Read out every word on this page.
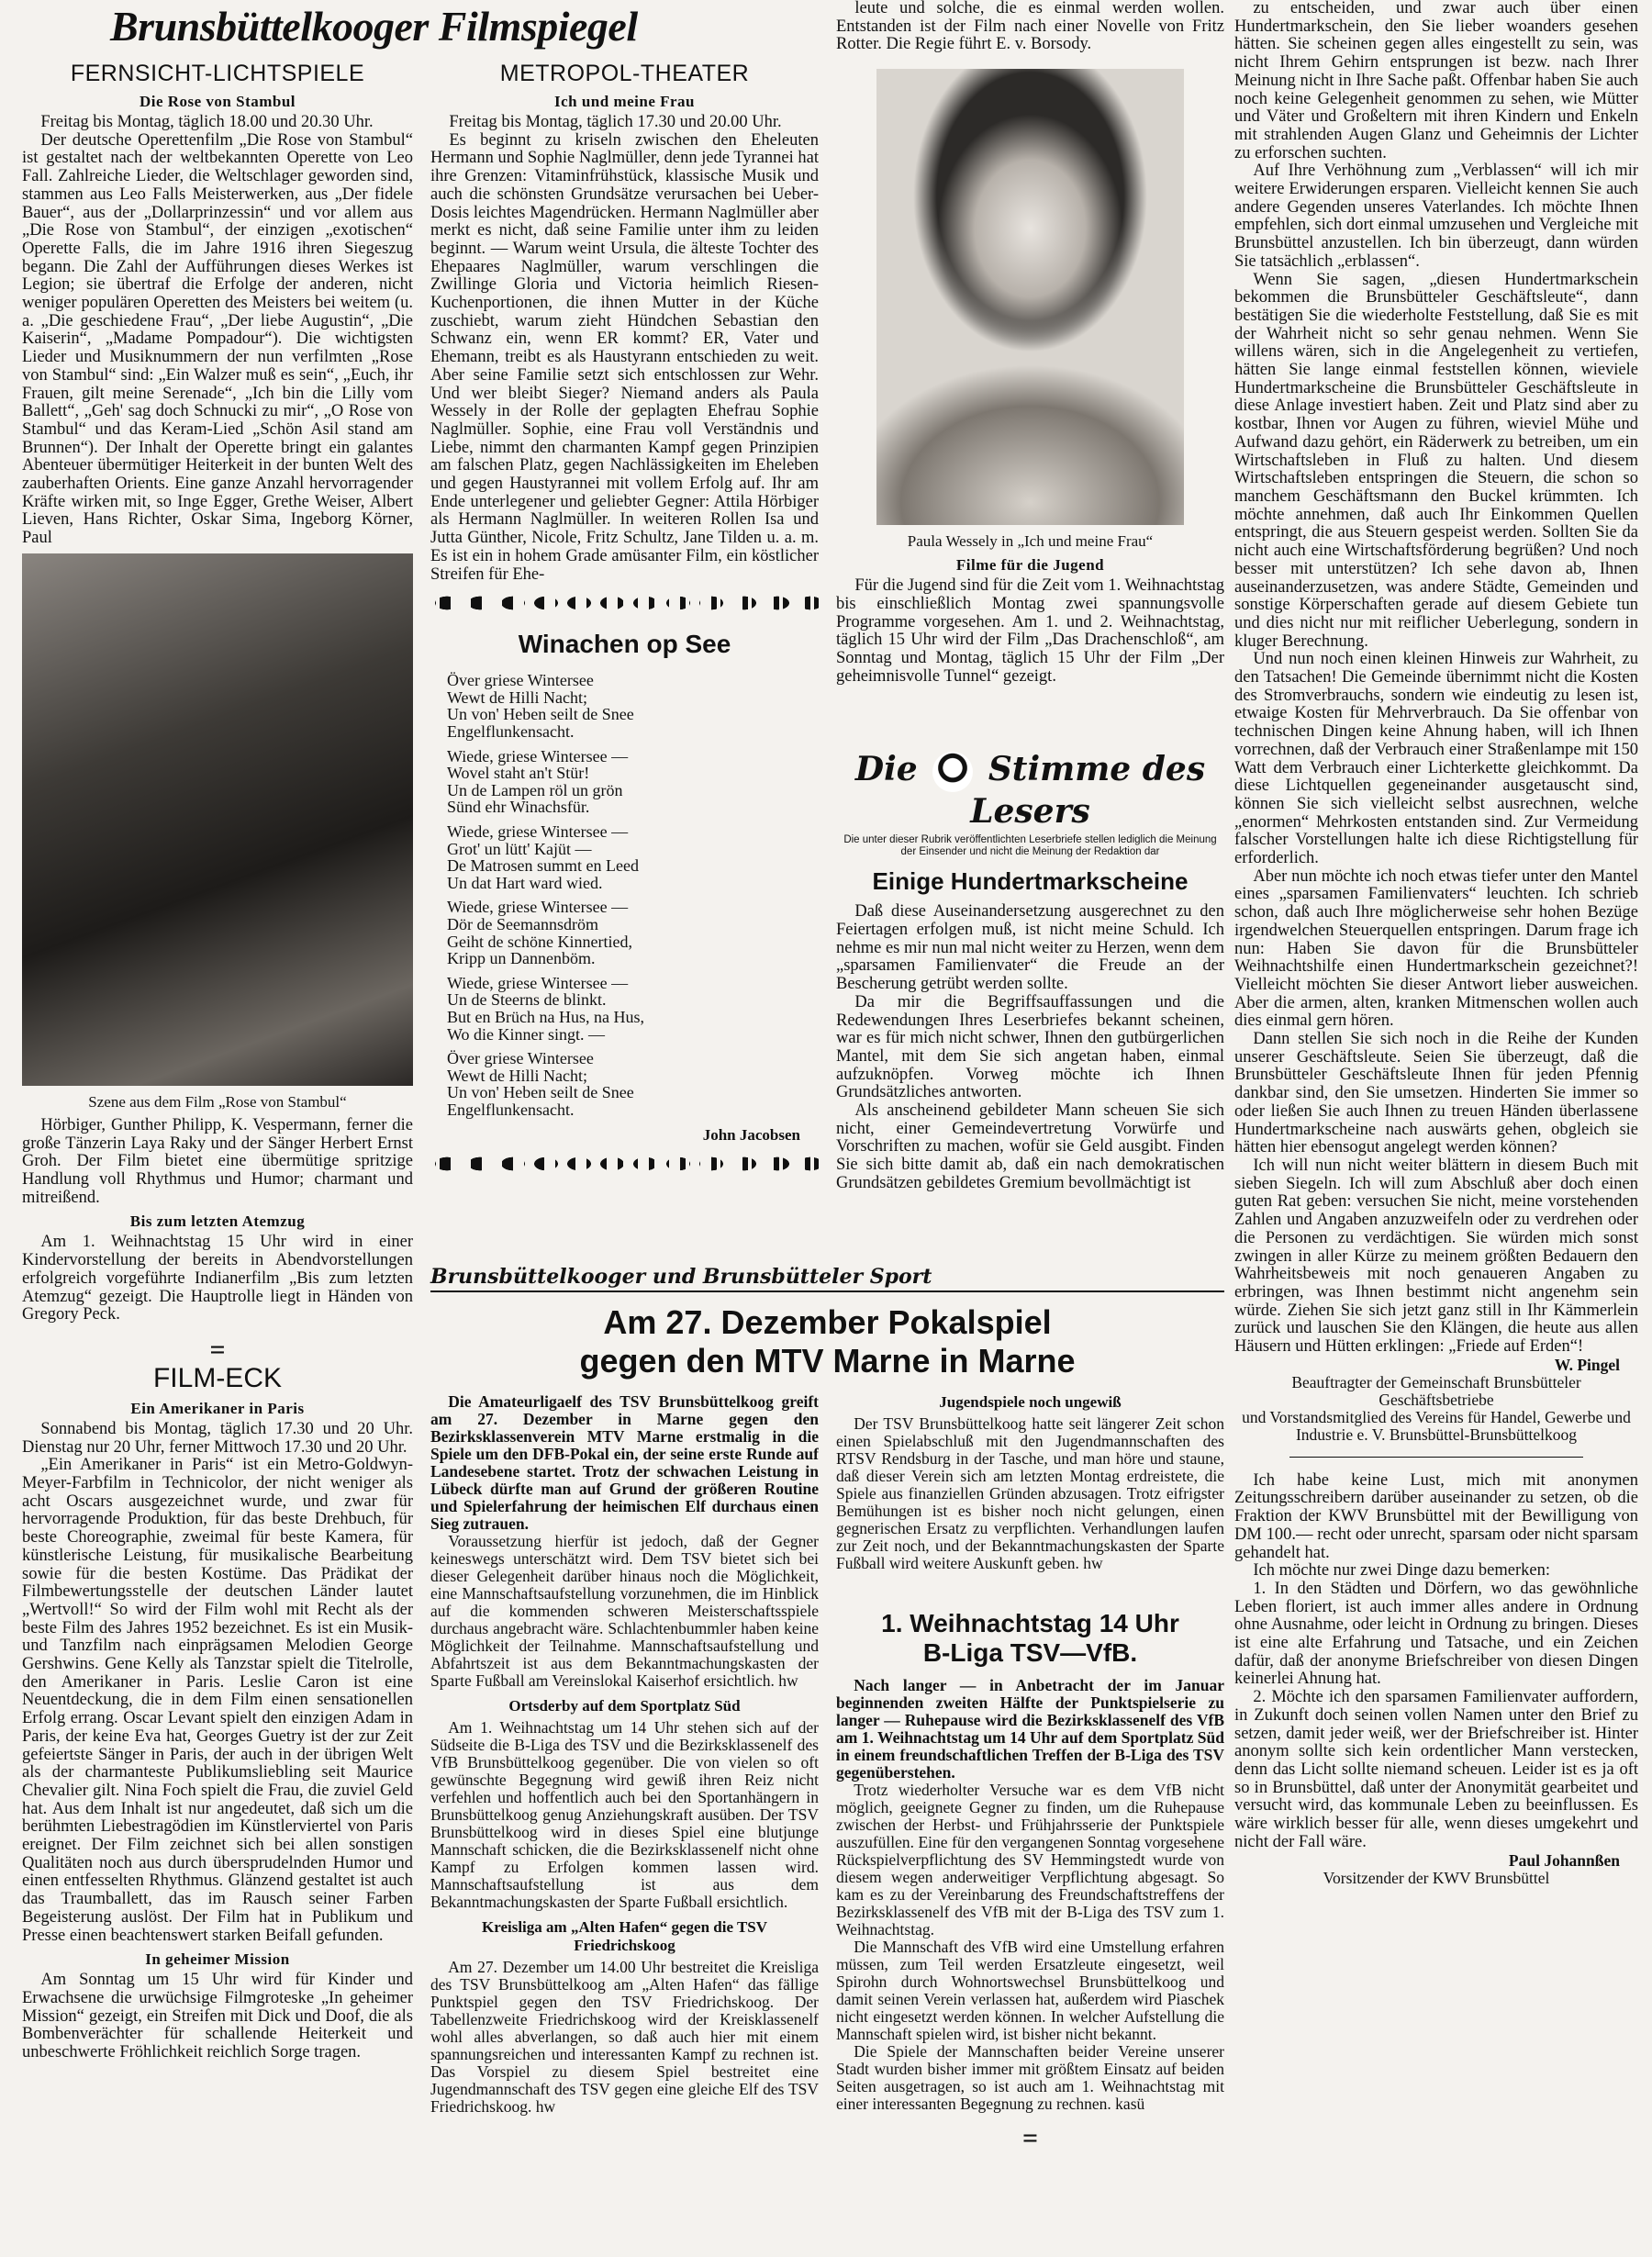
Brunsbüttelkooger Filmspiegel
FERNSICHT-LICHTSPIELE
Die Rose von Stambul

Freitag bis Montag, täglich 18.00 und 20.30 Uhr.

Der deutsche Operettenfilm „Die Rose von Stambul“ ist gestaltet nach der weltbekannten Operette von Leo Fall. Zahlreiche Lieder, die Weltschlager geworden sind, stammen aus Leo Falls Meisterwerken, aus „Der fidele Bauer“, aus der „Dollarprinzessin“ und vor allem aus „Die Rose von Stambul“, der einzigen „exotischen“ Operette Falls, die im Jahre 1916 ihren Siegeszug begann. Die Zahl der Aufführungen dieses Werkes ist Legion; sie übertraf die Erfolge der anderen, nicht weniger populären Operetten des Meisters bei weitem (u. a. „Die geschiedene Frau“, „Der liebe Augustin“, „Die Kaiserin“, „Madame Pompadour“). Die wichtigsten Lieder und Musiknummern der nun verfilmten „Rose von Stambul“ sind: „Ein Walzer muß es sein“, „Euch, ihr Frauen, gilt meine Serenade“, „Ich bin die Lilly vom Ballett“, „Geh' sag doch Schnucki zu mir“, „O Rose von Stambul“ und das Keram-Lied „Schön Asil stand am Brunnen“). Der Inhalt der Operette bringt ein galantes Abenteuer übermütiger Heiterkeit in der bunten Welt des zauberhaften Orients. Eine ganze Anzahl hervorragender Kräfte wirken mit, so Inge Egger, Grethe Weiser, Albert Lieven, Hans Richter, Oskar Sima, Ingeborg Körner, Paul

Szene aus dem Film „Rose von Stambul“

Hörbiger, Gunther Philipp, K. Vespermann, ferner die große Tänzerin Laya Raky und der Sänger Herbert Ernst Groh. Der Film bietet eine übermütige spritzige Handlung voll Rhythmus und Humor; charmant und mitreißend.

Bis zum letzten Atemzug

Am 1. Weihnachtstag 15 Uhr wird in einer Kindervorstellung der bereits in Abendvorstellungen erfolgreich vorgeführte Indianerfilm „Bis zum letzten Atemzug“ gezeigt. Die Hauptrolle liegt in Händen von Gregory Peck.

=
FILM-ECK
Ein Amerikaner in Paris

Sonnabend bis Montag, täglich 17.30 und 20 Uhr. Dienstag nur 20 Uhr, ferner Mittwoch 17.30 und 20 Uhr.

„Ein Amerikaner in Paris“ ist ein Metro-Goldwyn-Meyer-Farbfilm in Technicolor, der nicht weniger als acht Oscars ausgezeichnet wurde, und zwar für hervorragende Produktion, für das beste Drehbuch, für beste Choreographie, zweimal für beste Kamera, für künstlerische Leistung, für musikalische Bearbeitung sowie für die besten Kostüme. Das Prädikat der Filmbewertungsstelle der deutschen Länder lautet „Wertvoll!“ So wird der Film wohl mit Recht als der beste Film des Jahres 1952 bezeichnet. Es ist ein Musik- und Tanzfilm nach einprägsamen Melodien George Gershwins. Gene Kelly als Tanzstar spielt die Titelrolle, den Amerikaner in Paris. Leslie Caron ist eine Neuentdeckung, die in dem Film einen sensationellen Erfolg errang. Oscar Levant spielt den einzigen Adam in Paris, der keine Eva hat, Georges Guetry ist der zur Zeit gefeiertste Sänger in Paris, der auch in der übrigen Welt als der charmanteste Publikumsliebling seit Maurice Chevalier gilt. Nina Foch spielt die Frau, die zuviel Geld hat. Aus dem Inhalt ist nur angedeutet, daß sich um die berühmten Liebestragödien im Künstlerviertel von Paris ereignet. Der Film zeichnet sich bei allen sonstigen Qualitäten noch aus durch übersprudelnden Humor und einen entfesselten Rhythmus. Glänzend gestaltet ist auch das Traumballett, das im Rausch seiner Farben Begeisterung auslöst. Der Film hat in Publikum und Presse einen beachtenswert starken Beifall gefunden.

In geheimer Mission

Am Sonntag um 15 Uhr wird für Kinder und Erwachsene die urwüchsige Filmgroteske „In geheimer Mission“ gezeigt, ein Streifen mit Dick und Doof, die als Bombenverächter für schallende Heiterkeit und unbeschwerte Fröhlichkeit reichlich Sorge tragen.

METROPOL-THEATER
Ich und meine Frau

Freitag bis Montag, täglich 17.30 und 20.00 Uhr.

Es beginnt zu kriseln zwischen den Eheleuten Hermann und Sophie Naglmüller, denn jede Tyrannei hat ihre Grenzen: Vitaminfrühstück, klassische Musik und auch die schönsten Grundsätze verursachen bei Ueber-Dosis leichtes Magendrücken. Hermann Naglmüller aber merkt es nicht, daß seine Familie unter ihm zu leiden beginnt. — Warum weint Ursula, die älteste Tochter des Ehepaares Naglmüller, warum verschlingen die Zwillinge Gloria und Victoria heimlich Riesen-Kuchenportionen, die ihnen Mutter in der Küche zuschiebt, warum zieht Hündchen Sebastian den Schwanz ein, wenn ER kommt? ER, Vater und Ehemann, treibt es als Haustyrann entschieden zu weit. Aber seine Familie setzt sich entschlossen zur Wehr. Und wer bleibt Sieger? Niemand anders als Paula Wessely in der Rolle der geplagten Ehefrau Sophie Naglmüller. Sophie, eine Frau voll Verständnis und Liebe, nimmt den charmanten Kampf gegen Prinzipien am falschen Platz, gegen Nachlässigkeiten im Eheleben und gegen Haustyrannei mit vollem Erfolg auf. Ihr am Ende unterlegener und geliebter Gegner: Attila Hörbiger als Hermann Naglmüller. In weiteren Rollen Isa und Jutta Günther, Nicole, Fritz Schultz, Jane Tilden u. a. m. Es ist ein in hohem Grade amüsanter Film, ein köstlicher Streifen für Ehe-

Winachen op See
Över griese Wintersee
Wewt de Hilli Nacht;
Un von' Heben seilt de Snee
Engelflunkensacht.
Wiede, griese Wintersee —
Wovel staht an't Stür!
Un de Lampen röl un grön
Sünd ehr Winachsfür.
Wiede, griese Wintersee —
Grot' un lütt' Kajüt —
De Matrosen summt en Leed
Un dat Hart ward wied.
Wiede, griese Wintersee —
Dör de Seemannsdröm
Geiht de schöne Kinnertied,
Kripp un Dannenböm.
Wiede, griese Wintersee —
Un de Steerns de blinkt.
But en Brüch na Hus, na Hus,
Wo die Kinner singt. —
Över griese Wintersee
Wewt de Hilli Nacht;
Un von' Heben seilt de Snee
Engelflunkensacht.
John Jacobsen

leute und solche, die es einmal werden wollen. Entstanden ist der Film nach einer Novelle von Fritz Rotter. Die Regie führt E. v. Borsody.

Paula Wessely in „Ich und meine Frau“
Filme für die Jugend

Für die Jugend sind für die Zeit vom 1. Weihnachtstag bis einschließlich Montag zwei spannungsvolle Programme vorgesehen. Am 1. und 2. Weihnachtstag, täglich 15 Uhr wird der Film „Das Drachenschloß“, am Sonntag und Montag, täglich 15 Uhr der Film „Der geheimnisvolle Tunnel“ gezeigt.

Die Stimme des Lesers
Die unter dieser Rubrik veröffentlichten Leserbriefe stellen lediglich die Meinung der Einsender und nicht die Meinung der Redaktion dar
Einige Hundertmarkscheine

Daß diese Auseinandersetzung ausgerechnet zu den Feiertagen erfolgen muß, ist nicht meine Schuld. Ich nehme es mir nun mal nicht weiter zu Herzen, wenn dem „sparsamen Familienvater“ die Freude an der Bescherung getrübt werden sollte.

Da mir die Begriffsauffassungen und die Redewendungen Ihres Leserbriefes bekannt scheinen, war es für mich nicht schwer, Ihnen den gutbürgerlichen Mantel, mit dem Sie sich angetan haben, einmal aufzuknöpfen. Vorweg möchte ich Ihnen Grundsätzliches antworten.

Als anscheinend gebildeter Mann scheuen Sie sich nicht, einer Gemeindevertretung Vorwürfe und Vorschriften zu machen, wofür sie Geld ausgibt. Finden Sie sich bitte damit ab, daß ein nach demokratischen Grundsätzen gebildetes Gremium bevollmächtigt ist

zu entscheiden, und zwar auch über einen Hundertmarkschein, den Sie lieber woanders gesehen hätten. Sie scheinen gegen alles eingestellt zu sein, was nicht Ihrem Gehirn entsprungen ist bezw. nach Ihrer Meinung nicht in Ihre Sache paßt. Offenbar haben Sie auch noch keine Gelegenheit genommen zu sehen, wie Mütter und Väter und Großeltern mit ihren Kindern und Enkeln mit strahlenden Augen Glanz und Geheimnis der Lichter zu erforschen suchten.

Auf Ihre Verhöhnung zum „Verblassen“ will ich mir weitere Erwiderungen ersparen. Vielleicht kennen Sie auch andere Gegenden unseres Vaterlandes. Ich möchte Ihnen empfehlen, sich dort einmal umzusehen und Vergleiche mit Brunsbüttel anzustellen. Ich bin überzeugt, dann würden Sie tatsächlich „erblassen“.

Wenn Sie sagen, „diesen Hundertmarkschein bekommen die Brunsbütteler Geschäftsleute“, dann bestätigen Sie die wiederholte Feststellung, daß Sie es mit der Wahrheit nicht so sehr genau nehmen. Wenn Sie willens wären, sich in die Angelegenheit zu vertiefen, hätten Sie lange einmal feststellen können, wieviele Hundertmarkscheine die Brunsbütteler Geschäftsleute in diese Anlage investiert haben. Zeit und Platz sind aber zu kostbar, Ihnen vor Augen zu führen, wieviel Mühe und Aufwand dazu gehört, ein Räderwerk zu betreiben, um ein Wirtschaftsleben in Fluß zu halten. Und diesem Wirtschaftsleben entspringen die Steuern, die schon so manchem Geschäftsmann den Buckel krümmten. Ich möchte annehmen, daß auch Ihr Einkommen Quellen entspringt, die aus Steuern gespeist werden. Sollten Sie da nicht auch eine Wirtschaftsförderung begrüßen? Und noch besser mit unterstützen? Ich sehe davon ab, Ihnen auseinanderzusetzen, was andere Städte, Gemeinden und sonstige Körperschaften gerade auf diesem Gebiete tun und dies nicht nur mit reiflicher Ueberlegung, sondern in kluger Berechnung.

Und nun noch einen kleinen Hinweis zur Wahrheit, zu den Tatsachen! Die Gemeinde übernimmt nicht die Kosten des Stromverbrauchs, sondern wie eindeutig zu lesen ist, etwaige Kosten für Mehrverbrauch. Da Sie offenbar von technischen Dingen keine Ahnung haben, will ich Ihnen vorrechnen, daß der Verbrauch einer Straßenlampe mit 150 Watt dem Verbrauch einer Lichterkette gleichkommt. Da diese Lichtquellen gegeneinander ausgetauscht sind, können Sie sich vielleicht selbst ausrechnen, welche „enormen“ Mehrkosten entstanden sind. Zur Vermeidung falscher Vorstellungen halte ich diese Richtigstellung für erforderlich.

Aber nun möchte ich noch etwas tiefer unter den Mantel eines „sparsamen Familienvaters“ leuchten. Ich schrieb schon, daß auch Ihre möglicherweise sehr hohen Bezüge irgendwelchen Steuerquellen entspringen. Darum frage ich nun: Haben Sie davon für die Brunsbütteler Weihnachtshilfe einen Hundertmarkschein gezeichnet?! Vielleicht möchten Sie dieser Antwort lieber ausweichen. Aber die armen, alten, kranken Mitmenschen wollen auch dies einmal gern hören.

Dann stellen Sie sich noch in die Reihe der Kunden unserer Geschäftsleute. Seien Sie überzeugt, daß die Brunsbütteler Geschäftsleute Ihnen für jeden Pfennig dankbar sind, den Sie umsetzen. Hinderten Sie immer so oder ließen Sie auch Ihnen zu treuen Händen überlassene Hundertmarkscheine nach auswärts gehen, obgleich sie hätten hier ebensogut angelegt werden können?

Ich will nun nicht weiter blättern in diesem Buch mit sieben Siegeln. Ich will zum Abschluß aber doch einen guten Rat geben: versuchen Sie nicht, meine vorstehenden Zahlen und Angaben anzuzweifeln oder zu verdrehen oder die Personen zu verdächtigen. Sie würden mich sonst zwingen in aller Kürze zu meinem größten Bedauern den Wahrheitsbeweis mit noch genaueren Angaben zu erbringen, was Ihnen bestimmt nicht angenehm sein würde. Ziehen Sie sich jetzt ganz still in Ihr Kämmerlein zurück und lauschen Sie den Klängen, die heute aus allen Häusern und Hütten erklingen: „Friede auf Erden“!

W. Pingel
Beauftragter der Gemeinschaft Brunsbütteler Geschäftsbetriebe
und Vorstandsmitglied des Vereins für Handel, Gewerbe und Industrie e. V. Brunsbüttel-Brunsbüttelkoog

Ich habe keine Lust, mich mit anonymen Zeitungsschreibern darüber auseinander zu setzen, ob die Fraktion der KWV Brunsbüttel mit der Bewilligung von DM 100.— recht oder unrecht, sparsam oder nicht sparsam gehandelt hat.

Ich möchte nur zwei Dinge dazu bemerken:

1. In den Städten und Dörfern, wo das gewöhnliche Leben floriert, ist auch immer alles andere in Ordnung ohne Ausnahme, oder leicht in Ordnung zu bringen. Dieses ist eine alte Erfahrung und Tatsache, und ein Zeichen dafür, daß der anonyme Briefschreiber von diesen Dingen keinerlei Ahnung hat.

2. Möchte ich den sparsamen Familienvater auffordern, in Zukunft doch seinen vollen Namen unter den Brief zu setzen, damit jeder weiß, wer der Briefschreiber ist. Hinter anonym sollte sich kein ordentlicher Mann verstecken, denn das Licht sollte niemand scheuen. Leider ist es ja oft so in Brunsbüttel, daß unter der Anonymität gearbeitet und versucht wird, das kommunale Leben zu beeinflussen. Es wäre wirklich besser für alle, wenn dieses umgekehrt und nicht der Fall wäre.

Paul Johannßen
Vorsitzender der KWV Brunsbüttel
Brunsbüttelkooger und Brunsbütteler Sport
Am 27. Dezember Pokalspiel
gegen den MTV Marne in Marne

Die Amateurligaelf des TSV Brunsbüttelkoog greift am 27. Dezember in Marne gegen den Bezirksklassenverein MTV Marne erstmalig in die Spiele um den DFB-Pokal ein, der seine erste Runde auf Landesebene startet. Trotz der schwachen Leistung in Lübeck dürfte man auf Grund der größeren Routine und Spielerfahrung der heimischen Elf durchaus einen Sieg zutrauen.

Voraussetzung hierfür ist jedoch, daß der Gegner keineswegs unterschätzt wird. Dem TSV bietet sich bei dieser Gelegenheit darüber hinaus noch die Möglichkeit, eine Mannschaftsaufstellung vorzunehmen, die im Hinblick auf die kommenden schweren Meisterschaftsspiele durchaus angebracht wäre. Schlachtenbummler haben keine Möglichkeit der Teilnahme. Mannschaftsaufstellung und Abfahrtszeit ist aus dem Bekanntmachungskasten der Sparte Fußball am Vereinslokal Kaiserhof ersichtlich. hw

Ortsderby auf dem Sportplatz Süd

Am 1. Weihnachtstag um 14 Uhr stehen sich auf der Südseite die B-Liga des TSV und die Bezirksklassenelf des VfB Brunsbüttelkoog gegenüber. Die von vielen so oft gewünschte Begegnung wird gewiß ihren Reiz nicht verfehlen und hoffentlich auch bei den Sportanhängern in Brunsbüttelkoog genug Anziehungskraft ausüben. Der TSV Brunsbüttelkoog wird in dieses Spiel eine blutjunge Mannschaft schicken, die die Bezirksklassenelf nicht ohne Kampf zu Erfolgen kommen lassen wird. Mannschaftsaufstellung ist aus dem Bekanntmachungskasten der Sparte Fußball ersichtlich.

Kreisliga am „Alten Hafen“ gegen die TSV Friedrichskoog

Am 27. Dezember um 14.00 Uhr bestreitet die Kreisliga des TSV Brunsbüttelkoog am „Alten Hafen“ das fällige Punktspiel gegen den TSV Friedrichskoog. Der Tabellenzweite Friedrichskoog wird der Kreisklassenelf wohl alles abverlangen, so daß auch hier mit einem spannungsreichen und interessanten Kampf zu rechnen ist. Das Vorspiel zu diesem Spiel bestreitet eine Jugendmannschaft des TSV gegen eine gleiche Elf des TSV Friedrichskoog. hw

Jugendspiele noch ungewiß

Der TSV Brunsbüttelkoog hatte seit längerer Zeit schon einen Spielabschluß mit den Jugendmannschaften des RTSV Rendsburg in der Tasche, und man höre und staune, daß dieser Verein sich am letzten Montag erdreistete, die Spiele aus finanziellen Gründen abzusagen. Trotz eifrigster Bemühungen ist es bisher noch nicht gelungen, einen gegnerischen Ersatz zu verpflichten. Verhandlungen laufen zur Zeit noch, und der Bekanntmachungskasten der Sparte Fußball wird weitere Auskunft geben. hw

1. Weihnachtstag 14 Uhr
B-Liga TSV—VfB.

Nach langer — in Anbetracht der im Januar beginnenden zweiten Hälfte der Punktspielserie zu langer — Ruhepause wird die Bezirksklassenelf des VfB am 1. Weihnachtstag um 14 Uhr auf dem Sportplatz Süd in einem freundschaftlichen Treffen der B-Liga des TSV gegenüberstehen.

Trotz wiederholter Versuche war es dem VfB nicht möglich, geeignete Gegner zu finden, um die Ruhepause zwischen der Herbst- und Frühjahrsserie der Punktspiele auszufüllen. Eine für den vergangenen Sonntag vorgesehene Rückspielverpflichtung des SV Hemmingstedt wurde von diesem wegen anderweitiger Verpflichtung abgesagt. So kam es zu der Vereinbarung des Freundschaftstreffens der Bezirksklassenelf des VfB mit der B-Liga des TSV zum 1. Weihnachtstag.

Die Mannschaft des VfB wird eine Umstellung erfahren müssen, zum Teil werden Ersatzleute eingesetzt, weil Spirohn durch Wohnortswechsel Brunsbüttelkoog und damit seinen Verein verlassen hat, außerdem wird Piaschek nicht eingesetzt werden können. In welcher Aufstellung die Mannschaft spielen wird, ist bisher nicht bekannt.

Die Spiele der Mannschaften beider Vereine unserer Stadt wurden bisher immer mit größtem Einsatz auf beiden Seiten ausgetragen, so ist auch am 1. Weihnachtstag mit einer interessanten Begegnung zu rechnen. kasü

=
